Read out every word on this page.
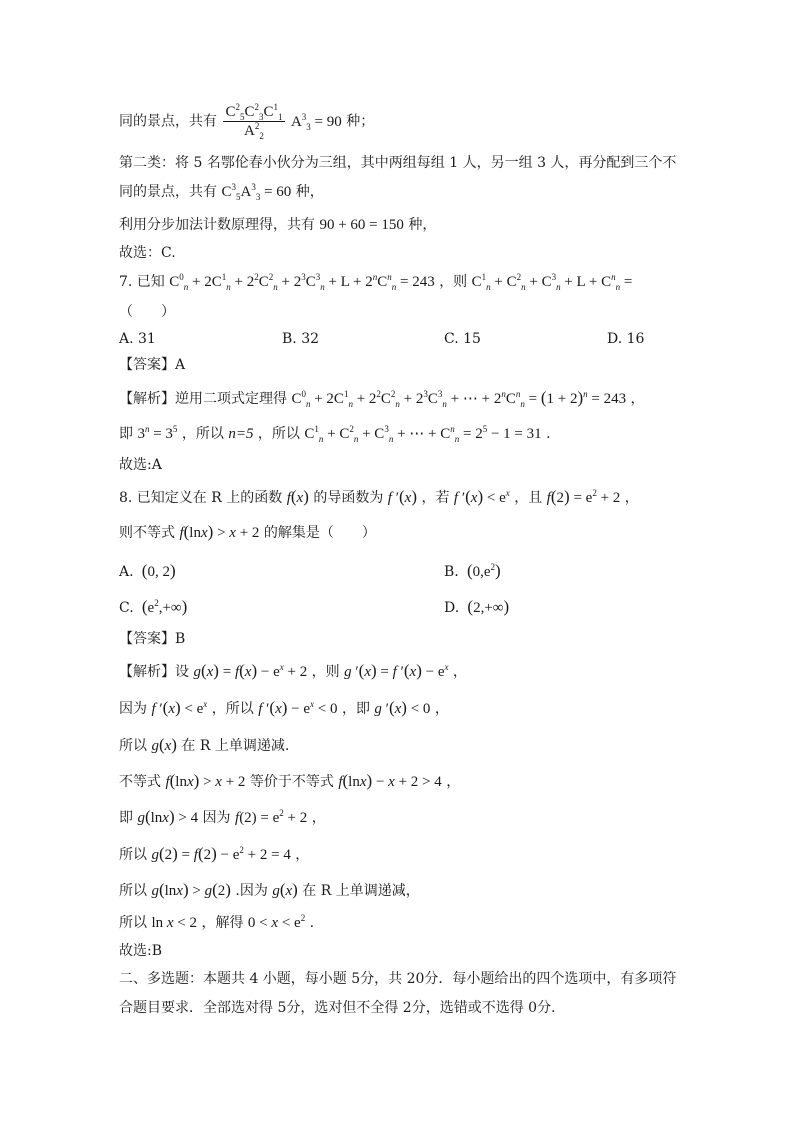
同的景点，共有 $\frac{C^2_5C^2_3C^1_1}{A^2_2} A^3_3 = 90$ 种；
第二类：将 5 名鄂伦春小伙分为三组，其中两组每组 1 人，另一组 3 人，再分配到三个不
同的景点，共有 $C^3_5A^3_3 = 60$ 种，
利用分步加法计数原理得，共有 90 + 60 = 150 种，
故选：C.
7. 已知 $C^0_n + 2C^1_n + 2^2C^2_n + 2^3C^3_n + L + 2^nC^n_n = 243$ ，则 $C^1_n + C^2_n + C^3_n + L + C^n_n$ =
（　　）
A. 31	B. 32	C. 15	D. 16
【答案】A
【解析】逆用二项式定理得 $C^0_n + 2C^1_n + 2^2C^2_n + 2^3C^3_n$ + ⋯ + $2^nC^n_n = (1 + 2)^n = 243$ ，
即 $3^n = 3^5$ ，所以 n=5 ，所以 $C^1_n + C^2_n + C^3_n$ + ⋯ + $C^n_n = 2^5 - 1 = 31$ .
故选:A
8. 已知定义在 R 上的函数 f(x) 的导函数为 f ′(x) ，若 f $'(x) < e^x$ ，且 $f(2) = e^2 + 2$ ，
则不等式 f(lnx) > x + 2 的解集是（　　）
A. (0, 2)	B. $(0,e^2)$
C. $(e^2,+\infty)$	D. (2,+∞)
【答案】B
【解析】设 $g(x) = f(x) - e^x + 2$ ，则 g ′(x) = f $'(x) - e^x$ ，
因为 f $'(x) < e^x$ ，所以 f $'(x) - e^x < 0$ ，即 g ′(x) < 0 ，
所以 g(x) 在 R 上单调递减.
不等式 f(lnx) > x + 2 等价于不等式 f(lnx) − x + 2 > 4 ，
即 g(lnx) > 4 因为 $f(2) = e^2 + 2$ ，
所以 $g(2) = f(2) - e^2 + 2 = 4$ ，
所以 g(lnx) > g(2) .因为 g(x) 在 R 上单调递减，
所以 ln x < 2 ，解得 $0 < x < e^2$ .
故选:B
二、多选题：本题共 4 小题，每小题 5分，共 20分．每小题给出的四个选项中，有多项符
合题目要求．全部选对得 5分，选对但不全得 2分，选错或不选得 0分．
